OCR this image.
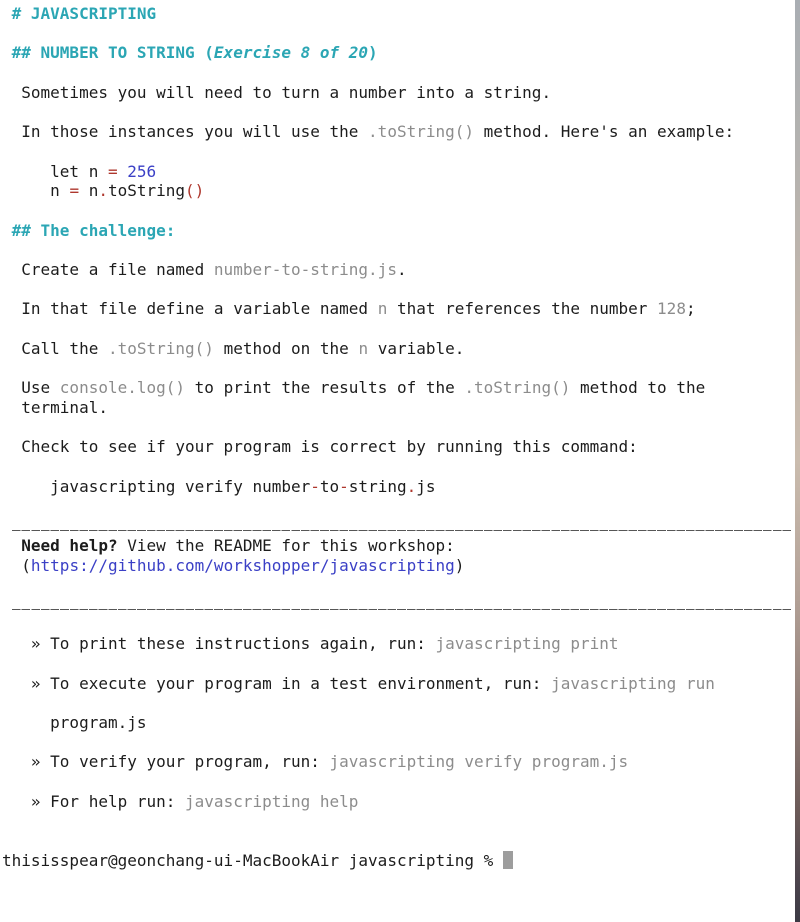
# JAVASCRIPTING
## NUMBER TO STRING (Exercise 8 of 20)
Sometimes you will need to turn a number into a string.
In those instances you will use the .toString() method. Here's an example:
let n = 256
n = n.toString()
## The challenge:
Create a file named number-to-string.js.
In that file define a variable named n that references the number 128;
Call the .toString() method on the n variable.
Use console.log() to print the results of the .toString() method to the
terminal.
Check to see if your program is correct by running this command:
javascripting verify number-to-string.js
Need help? View the README for this workshop:
(https://github.com/workshopper/javascripting)
» To print these instructions again, run: javascripting print
» To execute your program in a test environment, run: javascripting run
program.js
» To verify your program, run: javascripting verify program.js
» For help run: javascripting help
thisisspear@geonchang-ui-MacBookAir javascripting %
